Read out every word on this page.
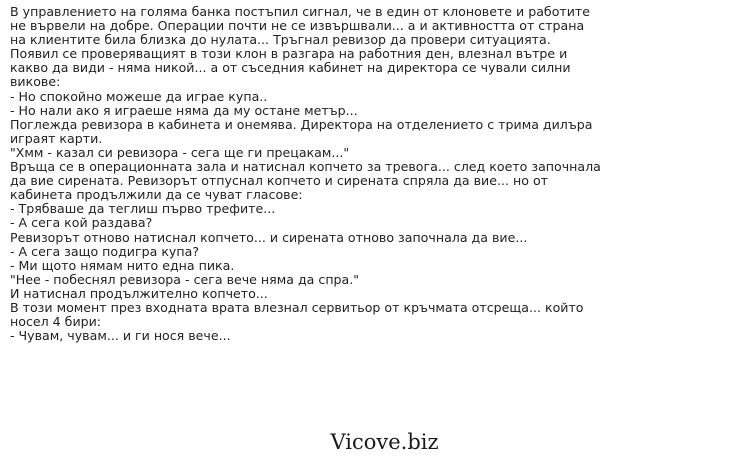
В управлението на голяма банка постъпил сигнал, че в един от клоновете и работите
не вървели на добре. Операции почти не се извършвали... а и активността от страна
на клиентите била близка до нулата... Тръгнал ревизор да провери ситуацията.
Появил се проверяващият в този клон в разгара на работния ден, влезнал вътре и
какво да види - няма никой... а от съседния кабинет на директора се чували силни
викове:
- Но спокойно можеше да играе купа..
- Но нали ако я играеше няма да му остане метър...
Поглежда ревизора в кабинета и онемява. Директора на отделението с трима дилъра
играят карти.
"Хмм - казал си ревизора - сега ще ги прецакам..."
Връща се в операционната зала и натиснал копчето за тревога... след което започнала
да вие сирената. Ревизорът отпуснал копчето и сирената спряла да вие... но от
кабинета продължили да се чуват гласове:
- Трябваше да теглиш първо трефите...
- А сега кой раздава?
Ревизорът отново натиснал копчето... и сирената отново започнала да вие...
- А сега защо подигра купа?
- Ми щото нямам нито една пика.
"Нее - побеснял ревизора - сега вече няма да спра."
И натиснал продължително копчето...
В този момент през входната врата влезнал сервитьор от кръчмата отсреща... който
носел 4 бири:
- Чувам, чувам... и ги нося вече...
Vicove.biz
